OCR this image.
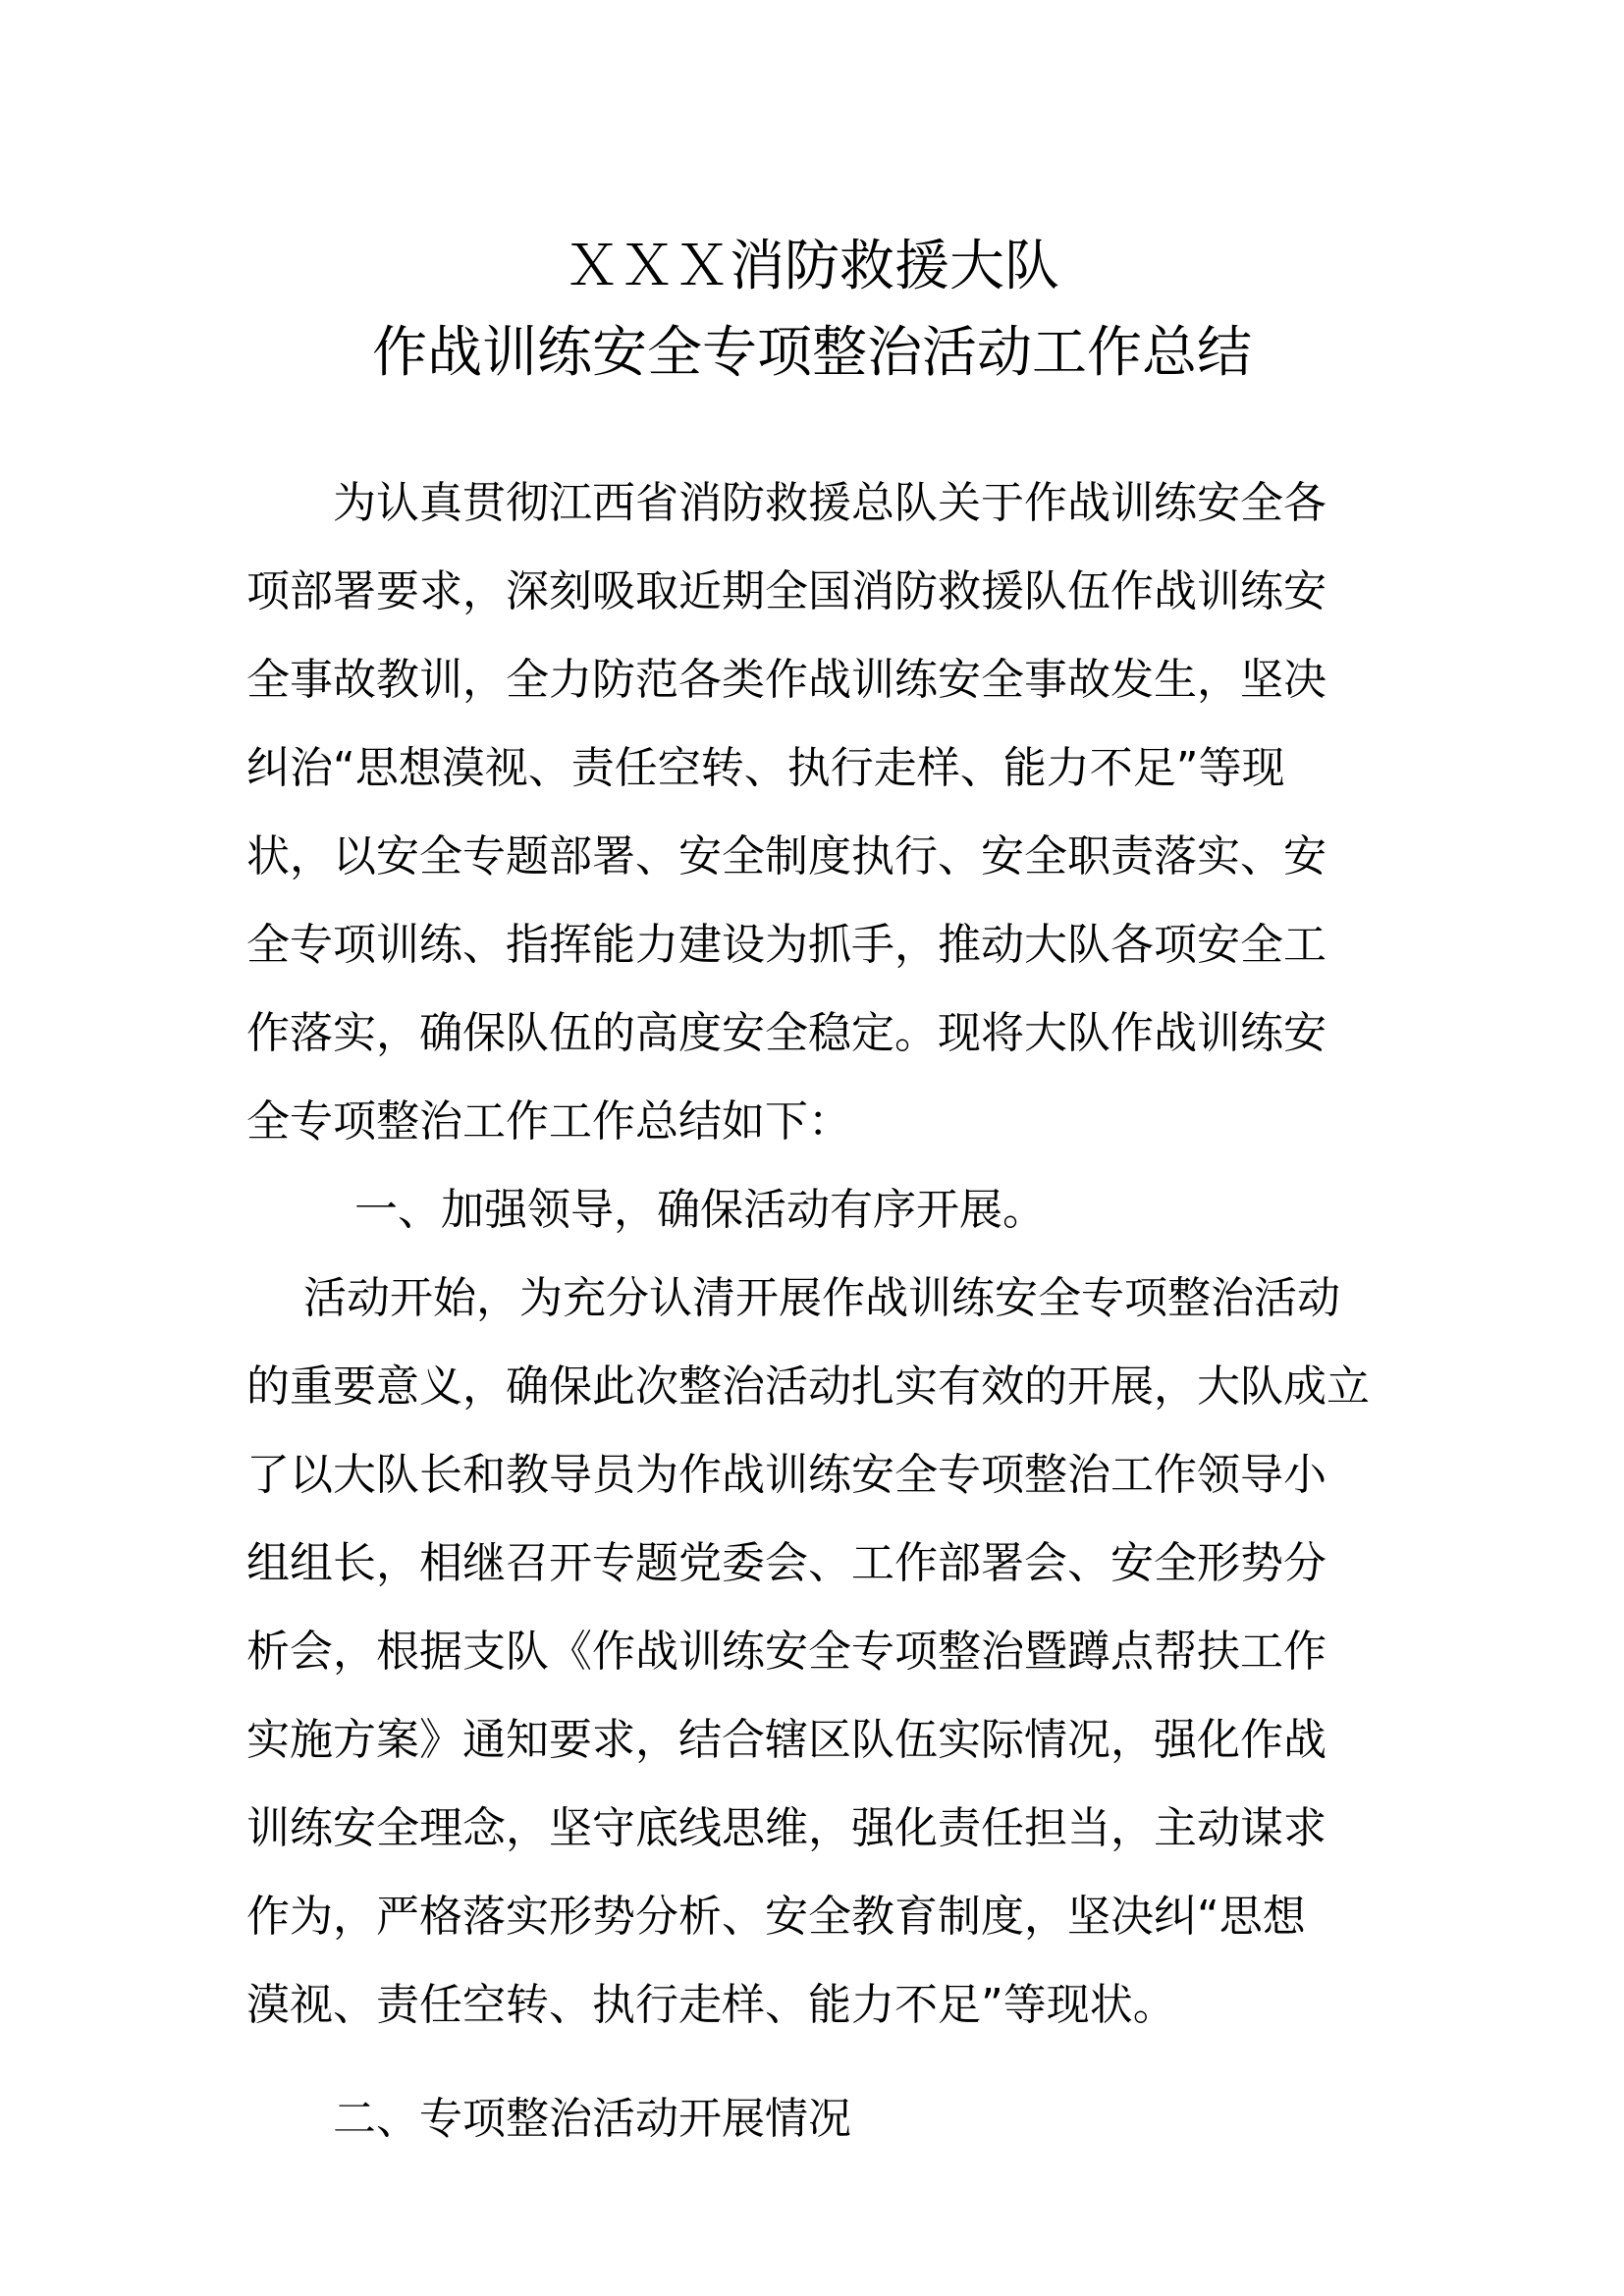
ＸＸＸ消防救援大队
作战训练安全专项整治活动工作总结
为认真贯彻江西省消防救援总队关于作战训练安全各
项部署要求，深刻吸取近期全国消防救援队伍作战训练安
全事故教训，全力防范各类作战训练安全事故发生，坚决
纠治“思想漠视、责任空转、执行走样、能力不足”等现
状，以安全专题部署、安全制度执行、安全职责落实、安
全专项训练、指挥能力建设为抓手，推动大队各项安全工
作落实，确保队伍的高度安全稳定。现将大队作战训练安
全专项整治工作工作总结如下：
一、加强领导，确保活动有序开展。
活动开始，为充分认清开展作战训练安全专项整治活动
的重要意义，确保此次整治活动扎实有效的开展，大队成立
了以大队长和教导员为作战训练安全专项整治工作领导小
组组长，相继召开专题党委会、工作部署会、安全形势分
析会，根据支队《作战训练安全专项整治暨蹲点帮扶工作
实施方案》通知要求，结合辖区队伍实际情况，强化作战
训练安全理念，坚守底线思维，强化责任担当，主动谋求
作为，严格落实形势分析、安全教育制度，坚决纠“思想
漠视、责任空转、执行走样、能力不足”等现状。
二、专项整治活动开展情况
